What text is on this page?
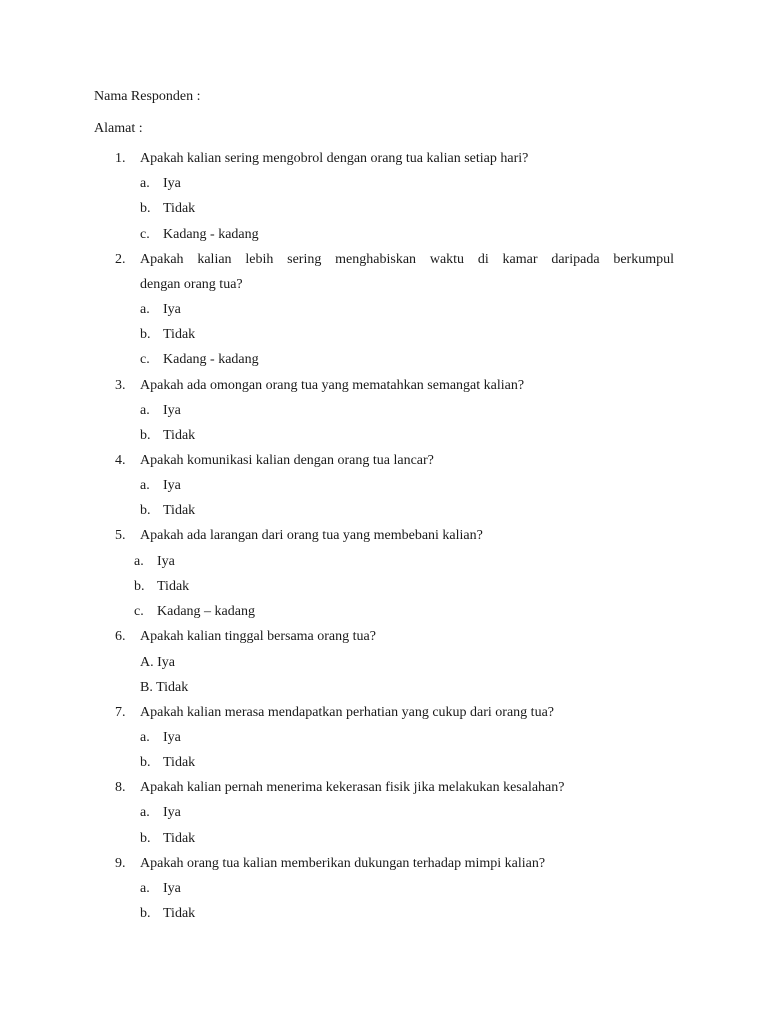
Nama Responden :
Alamat :
1. Apakah kalian sering mengobrol dengan orang tua kalian setiap hari?
a. Iya
b. Tidak
c. Kadang - kadang
2. Apakah kalian lebih sering menghabiskan waktu di kamar daripada berkumpul
dengan orang tua?
a. Iya
b. Tidak
c. Kadang - kadang
3. Apakah ada omongan orang tua yang mematahkan semangat kalian?
a. Iya
b. Tidak
4. Apakah komunikasi kalian dengan orang tua lancar?
a. Iya
b. Tidak
5. Apakah ada larangan dari orang tua yang membebani kalian?
a. Iya
b. Tidak
c. Kadang – kadang
6. Apakah kalian tinggal bersama orang tua?
A. Iya
B. Tidak
7. Apakah kalian merasa mendapatkan perhatian yang cukup dari orang tua?
a. Iya
b. Tidak
8. Apakah kalian pernah menerima kekerasan fisik jika melakukan kesalahan?
a. Iya
b. Tidak
9. Apakah orang tua kalian memberikan dukungan terhadap mimpi kalian?
a. Iya
b. Tidak
